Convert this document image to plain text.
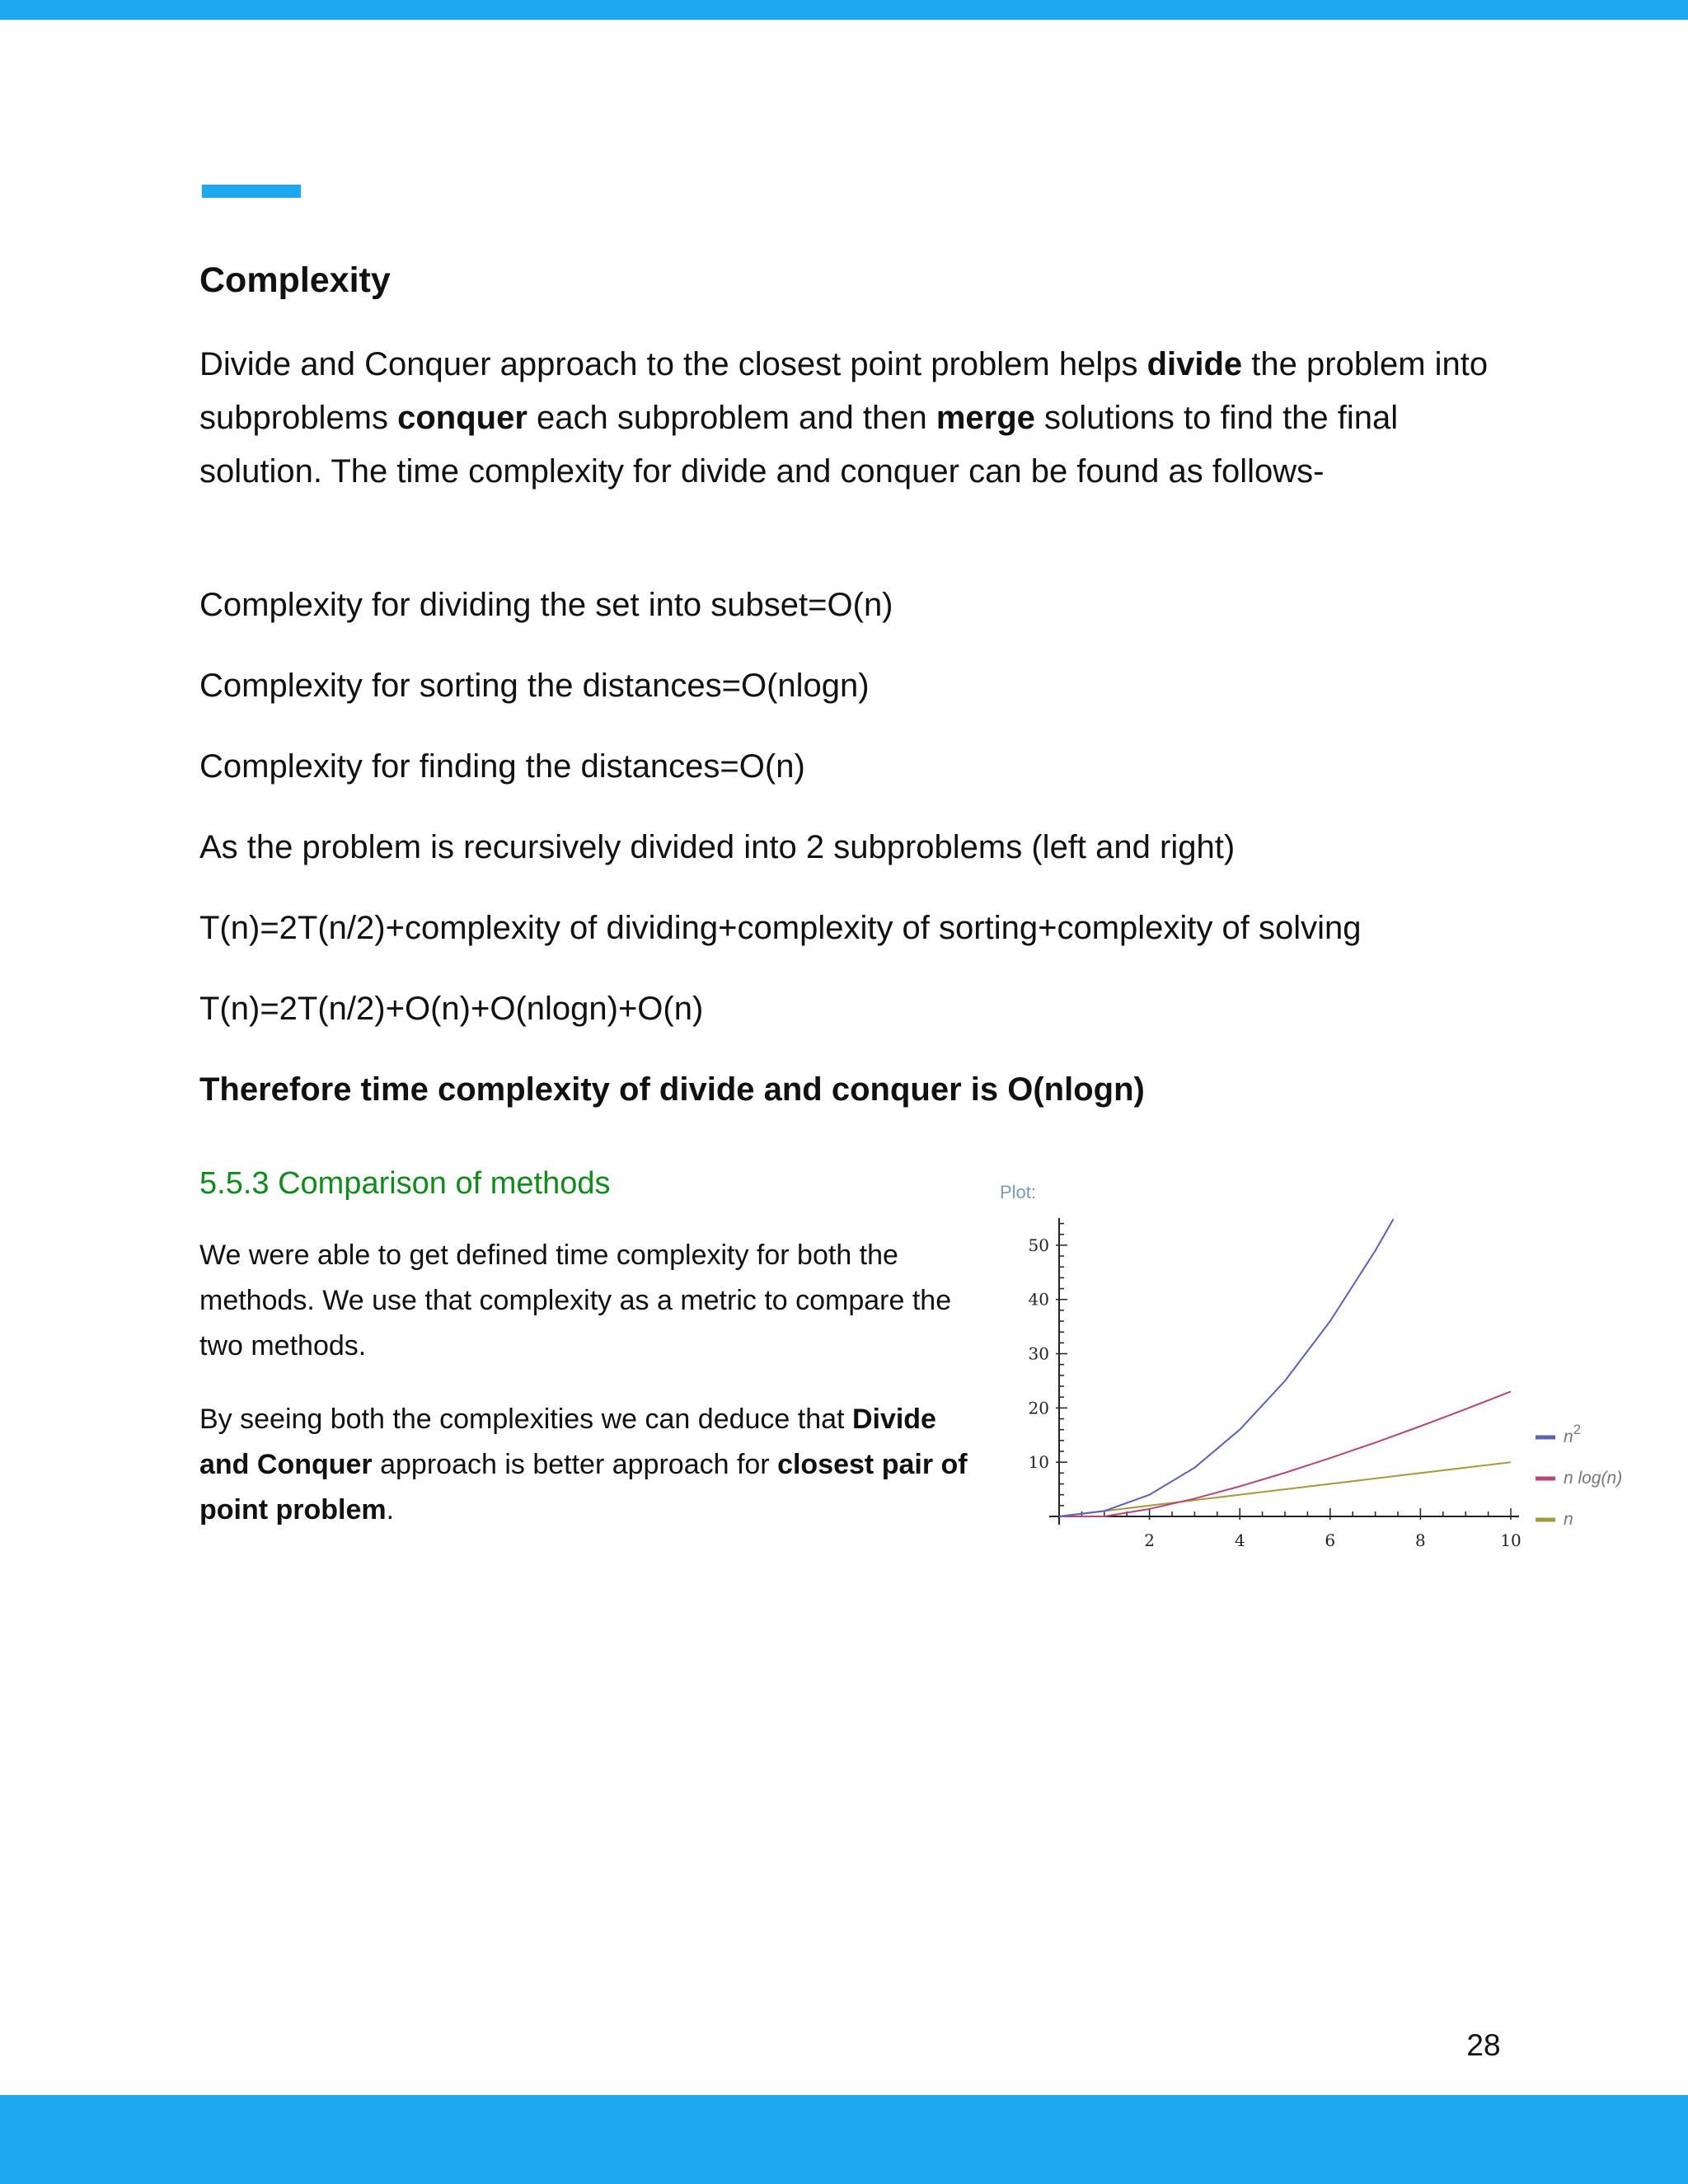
Complexity
Divide and Conquer approach to the closest point problem helps divide the problem into subproblems conquer each subproblem and then merge solutions to find the final solution. The time complexity for divide and conquer can be found as follows-
Complexity for dividing the set into subset=O(n)
Complexity for sorting the distances=O(nlogn)
Complexity for finding the distances=O(n)
As the problem is recursively divided into 2 subproblems (left and right)
T(n)=2T(n/2)+complexity of dividing+complexity of sorting+complexity of solving
T(n)=2T(n/2)+O(n)+O(nlogn)+O(n)
Therefore time complexity of divide and conquer is O(nlogn)
5.5.3 Comparison of methods
We were able to get defined time complexity for both the methods. We use that complexity as a metric to compare the two methods.
By seeing both the complexities we can deduce that Divide and Conquer approach is better approach for closest pair of point problem.
Plot:
2	4	6	8	10
10
20
30
40
50
$n^2$
n log(n)
n
28
